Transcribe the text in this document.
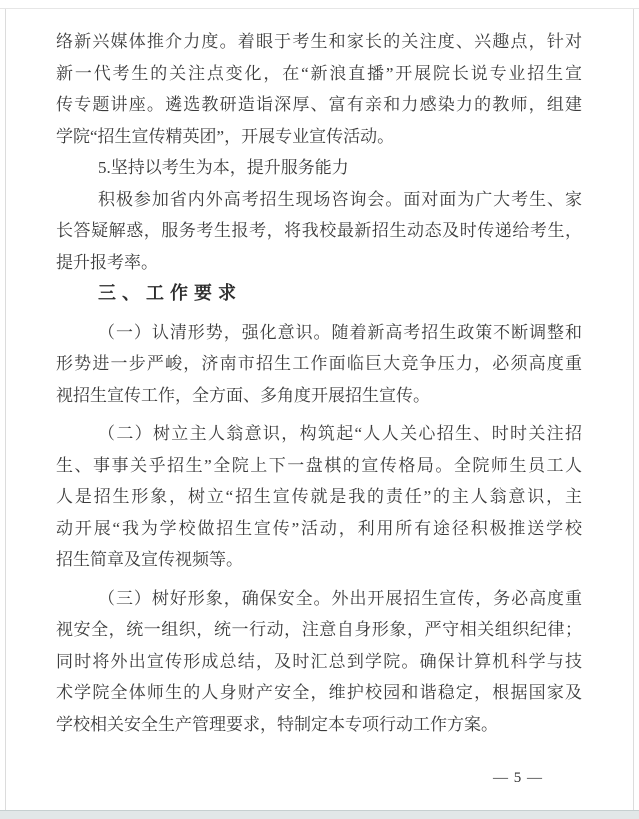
络新兴媒体推介力度。着眼于考生和家长的关注度、兴趣点，针对
新一代考生的关注点变化，在“新浪直播”开展院长说专业招生宣
传专题讲座。遴选教研造诣深厚、富有亲和力感染力的教师，组建
学院“招生宣传精英团”，开展专业宣传活动。
5.坚持以考生为本，提升服务能力
积极参加省内外高考招生现场咨询会。面对面为广大考生、家
长答疑解惑，服务考生报考，将我校最新招生动态及时传递给考生，
提升报考率。
三、工作要求
（一）认清形势，强化意识。随着新高考招生政策不断调整和
形势进一步严峻，济南市招生工作面临巨大竞争压力，必须高度重
视招生宣传工作，全方面、多角度开展招生宣传。
（二）树立主人翁意识，构筑起“人人关心招生、时时关注招
生、事事关乎招生”全院上下一盘棋的宣传格局。全院师生员工人
人是招生形象，树立“招生宣传就是我的责任”的主人翁意识，主
动开展“我为学校做招生宣传”活动，利用所有途径积极推送学校
招生简章及宣传视频等。
（三）树好形象，确保安全。外出开展招生宣传，务必高度重
视安全，统一组织，统一行动，注意自身形象，严守相关组织纪律；
同时将外出宣传形成总结，及时汇总到学院。确保计算机科学与技
术学院全体师生的人身财产安全，维护校园和谐稳定，根据国家及
学校相关安全生产管理要求，特制定本专项行动工作方案。
— 5 —
